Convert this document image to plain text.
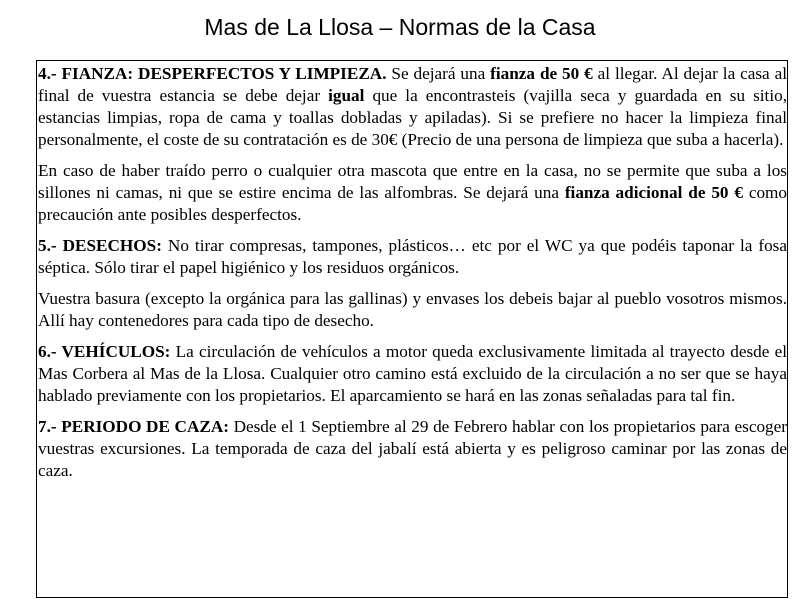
Mas de La Llosa – Normas de la Casa

4.- FIANZA: DESPERFECTOS Y LIMPIEZA. Se dejará una fianza de 50 € al llegar. Al dejar la casa al final de vuestra estancia se debe dejar igual que la encontrasteis (vajilla seca y guardada en su sitio, estancias limpias, ropa de cama y toallas dobladas y apiladas). Si se prefiere no hacer la limpieza final personalmente, el coste de su contratación es de 30€ (Precio de una persona de limpieza que suba a hacerla).

En caso de haber traído perro o cualquier otra mascota que entre en la casa, no se permite que suba a los sillones ni camas, ni que se estire encima de las alfombras. Se dejará una fianza adicional de 50 € como precaución ante posibles desperfectos.

5.- DESECHOS: No tirar compresas, tampones, plásticos… etc por el WC ya que podéis taponar la fosa séptica. Sólo tirar el papel higiénico y los residuos orgánicos.

Vuestra basura (excepto la orgánica para las gallinas) y envases los debeis bajar al pueblo vosotros mismos. Allí hay contenedores para cada tipo de desecho.

6.- VEHÍCULOS: La circulación de vehículos a motor queda exclusivamente limitada al trayecto desde el Mas Corbera al Mas de la Llosa. Cualquier otro camino está excluido de la circulación a no ser que se haya hablado previamente con los propietarios. El aparcamiento se hará en las zonas señaladas para tal fin.

7.- PERIODO DE CAZA: Desde el 1 Septiembre al 29 de Febrero hablar con los propietarios para escoger vuestras excursiones. La temporada de caza del jabalí está abierta y es peligroso caminar por las zonas de caza.
